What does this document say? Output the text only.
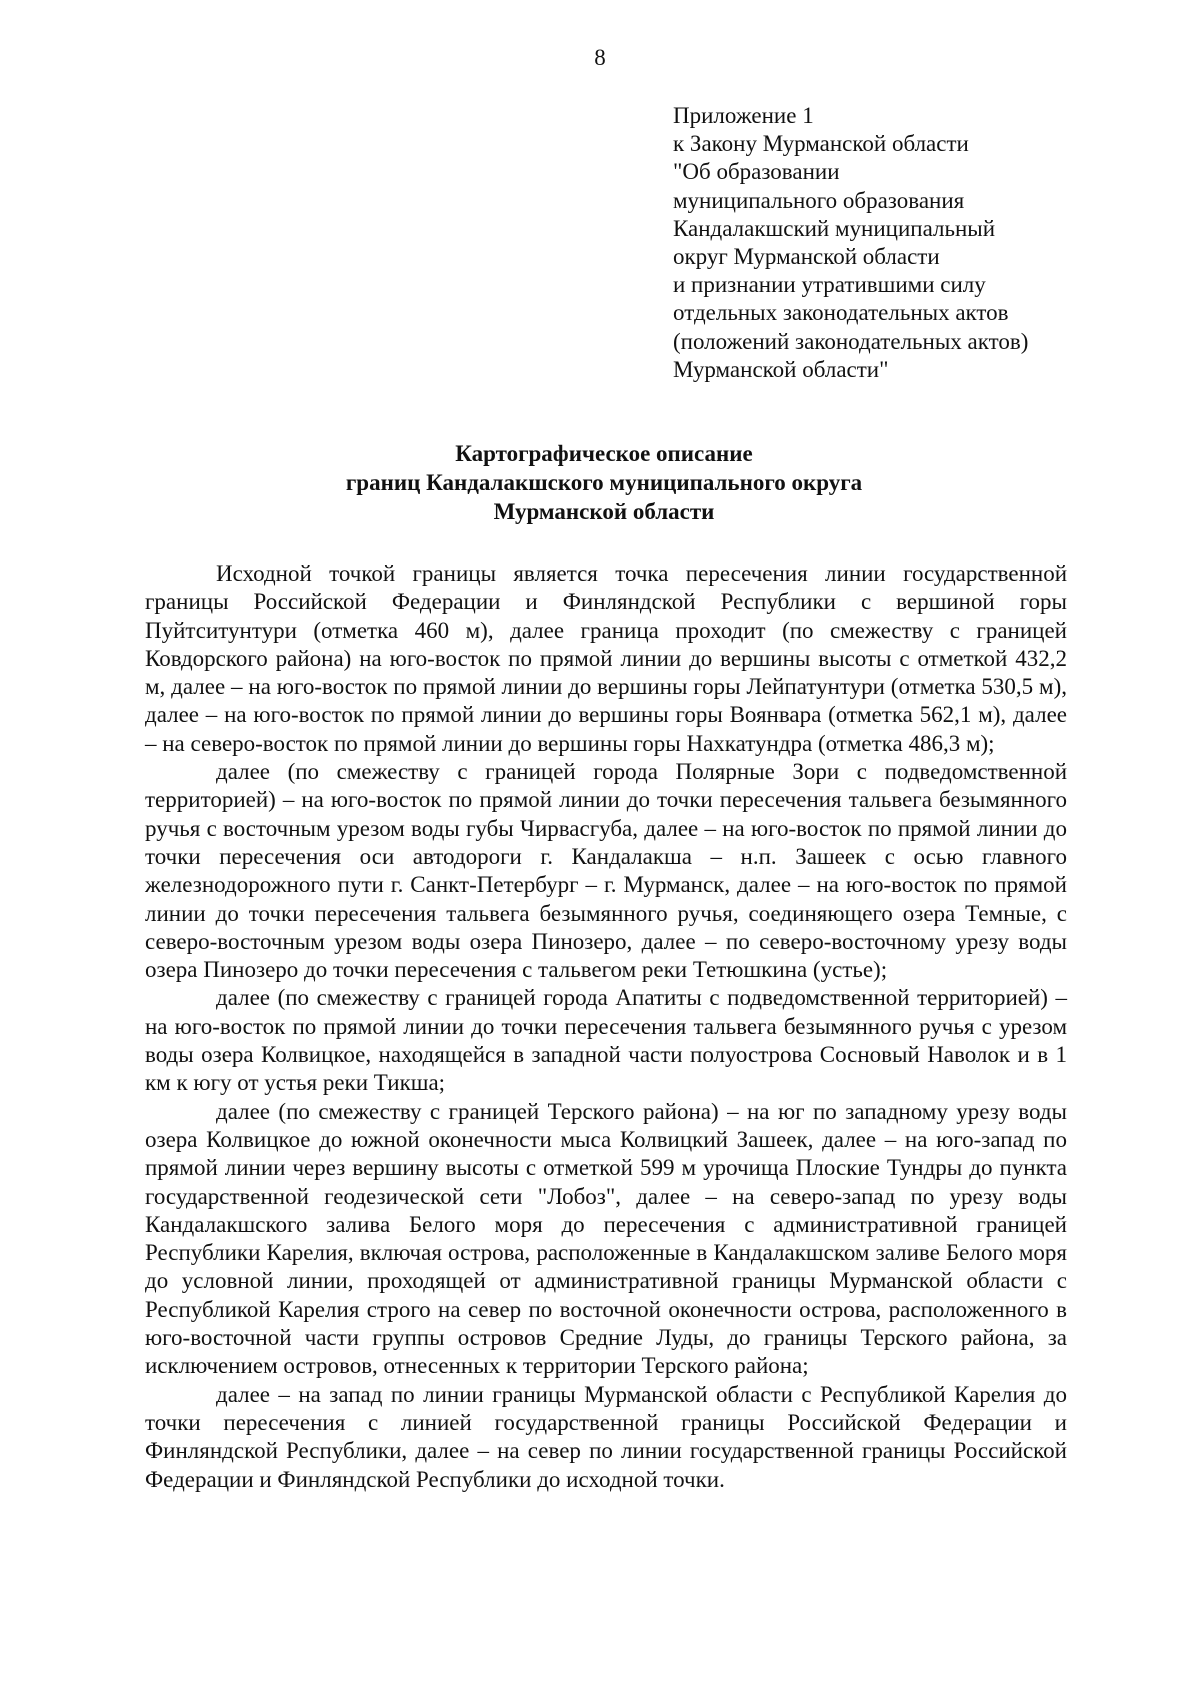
8
Приложение 1
к Закону Мурманской области
"Об образовании
муниципального образования
Кандалакшский муниципальный
округ Мурманской области
и признании утратившими силу
отдельных законодательных актов
(положений законодательных актов)
Мурманской области"
Картографическое описание
границ Кандалакшского муниципального округа
Мурманской области

Исходной точкой границы является точка пересечения линии государственной границы Российской Федерации и Финляндской Республики с вершиной горы Пуйтситунтури (отметка 460 м), далее граница проходит (по смежеству с границей Ковдорского района) на юго-восток по прямой линии до вершины высоты с отметкой 432,2 м, далее – на юго-восток по прямой линии до вершины горы Лейпатунтури (отметка 530,5 м), далее – на юго-восток по прямой линии до вершины горы Воянвара (отметка 562,1 м), далее – на северо-восток по прямой линии до вершины горы Нахкатундра (отметка 486,3 м);

далее (по смежеству с границей города Полярные Зори с подведомственной территорией) – на юго-восток по прямой линии до точки пересечения тальвега безымянного ручья с восточным урезом воды губы Чирвасгуба, далее – на юго-восток по прямой линии до точки пересечения оси автодороги г. Кандалакша – н.п. Зашеек с осью главного железнодорожного пути г. Санкт-Петербург – г. Мурманск, далее – на юго-восток по прямой линии до точки пересечения тальвега безымянного ручья, соединяющего озера Темные, с северо-восточным урезом воды озера Пинозеро, далее – по северо-восточному урезу воды озера Пинозеро до точки пересечения с тальвегом реки Тетюшкина (устье);

далее (по смежеству с границей города Апатиты с подведомственной территорией) – на юго-восток по прямой линии до точки пересечения тальвега безымянного ручья с урезом воды озера Колвицкое, находящейся в западной части полуострова Сосновый Наволок и в 1 км к югу от устья реки Тикша;

далее (по смежеству с границей Терского района) – на юг по западному урезу воды озера Колвицкое до южной оконечности мыса Колвицкий Зашеек, далее – на юго-запад по прямой линии через вершину высоты с отметкой 599 м урочища Плоские Тундры до пункта государственной геодезической сети "Лобоз", далее – на северо-запад по урезу воды Кандалакшского залива Белого моря до пересечения с административной границей Республики Карелия, включая острова, расположенные в Кандалакшском заливе Белого моря до условной линии, проходящей от административной границы Мурманской области с Республикой Карелия строго на север по восточной оконечности острова, расположенного в юго-восточной части группы островов Средние Луды, до границы Терского района, за исключением островов, отнесенных к территории Терского района;

далее – на запад по линии границы Мурманской области с Республикой Карелия до точки пересечения с линией государственной границы Российской Федерации и Финляндской Республики, далее – на север по линии государственной границы Российской Федерации и Финляндской Республики до исходной точки.
